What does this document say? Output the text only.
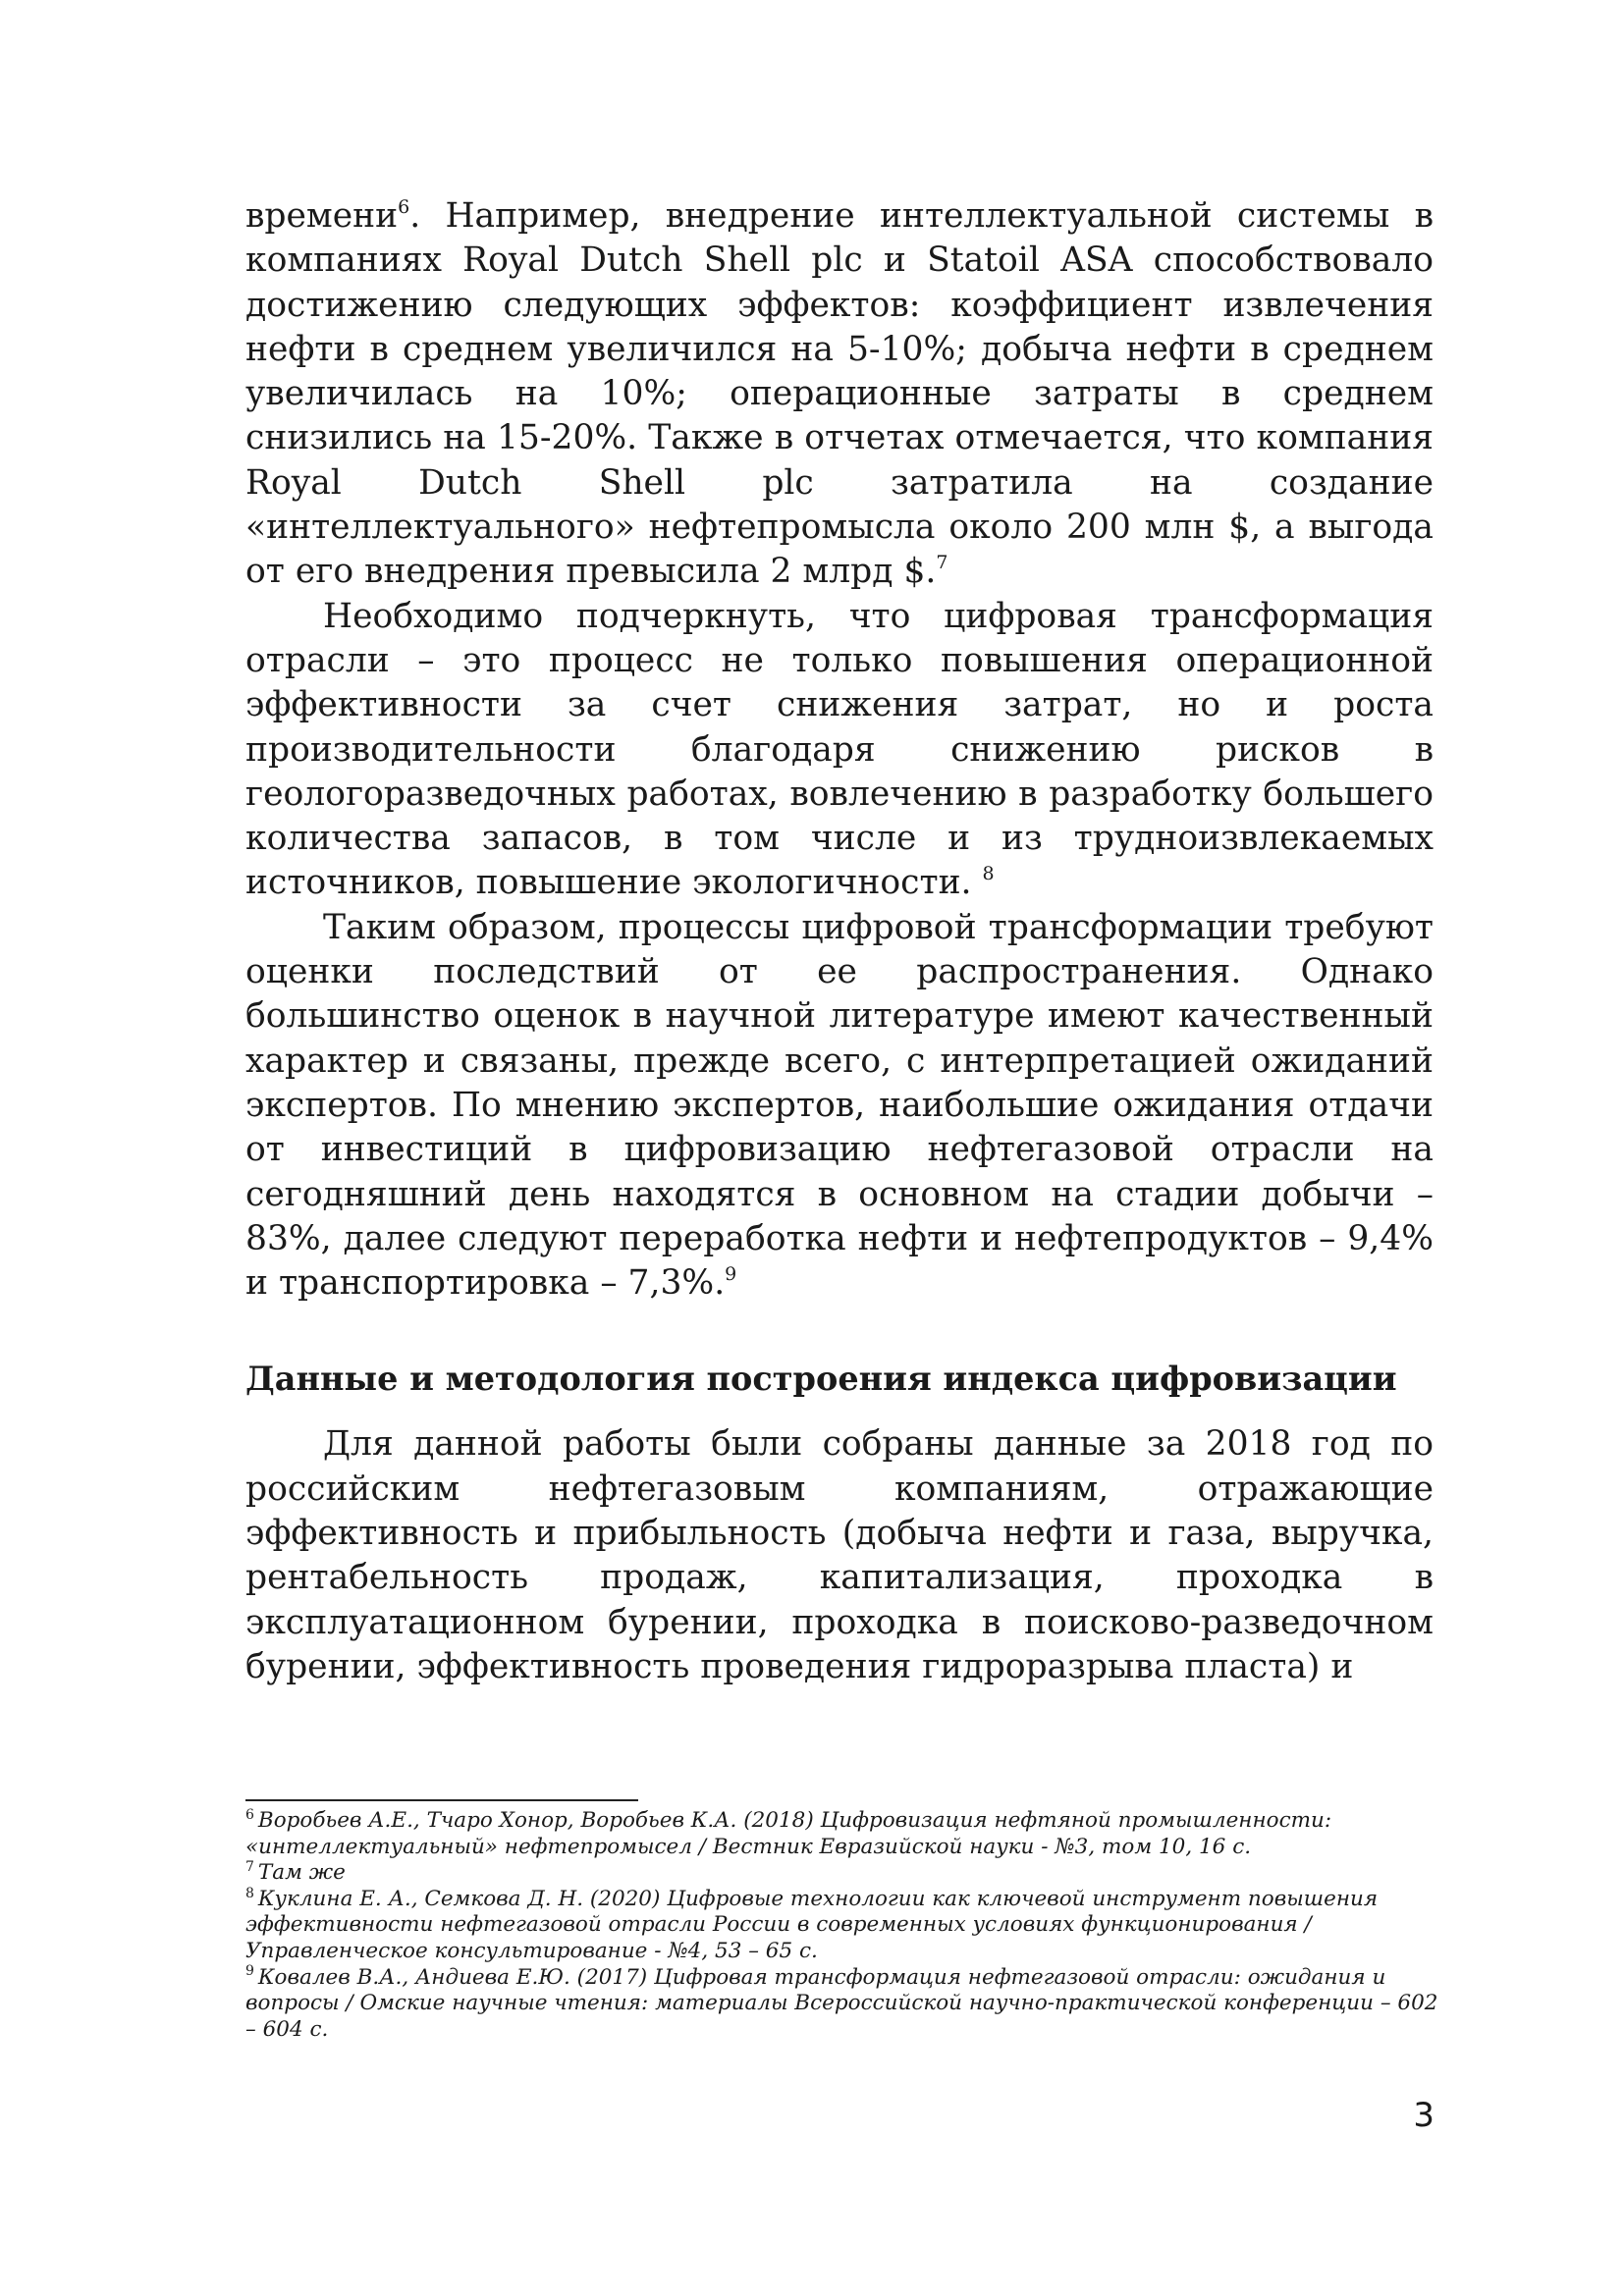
времени$^6$. Например, внедрение интеллектуальной системы в компаниях Royal Dutch Shell plc и Statoil ASA способствовало достижению следующих эффектов: коэффициент извлечения нефти в среднем увеличился на 5-10%; добыча нефти в среднем увеличилась на 10%; операционные затраты в среднем снизились на 15-20%. Также в отчетах отмечается, что компания Royal Dutch Shell plc затратила на создание «интеллектуального» нефтепромысла около 200 млн $, а выгода от его внедрения превысила 2 млрд $.$^7$

Необходимо подчеркнуть, что цифровая трансформация отрасли – это процесс не только повышения операционной эффективности за счет снижения затрат, но и роста производительности благодаря снижению рисков в геологоразведочных работах, вовлечению в разработку большего количества запасов, в том числе и из трудноизвлекаемых источников, повышение экологичности. $^8$

Таким образом, процессы цифровой трансформации требуют оценки последствий от ее распространения. Однако большинство оценок в научной литературе имеют качественный характер и связаны, прежде всего, с интерпретацией ожиданий экспертов. По мнению экспертов, наибольшие ожидания отдачи от инвестиций в цифровизацию нефтегазовой отрасли на сегодняшний день находятся в основном на стадии добычи – 83%, далее следуют переработка нефти и нефтепродуктов – 9,4% и транспортировка – 7,3%.$^9$

Данные и методология построения индекса цифровизации

Для данной работы были собраны данные за 2018 год по российским нефтегазовым компаниям, отражающие эффективность и прибыльность (добыча нефти и газа, выручка, рентабельность продаж, капитализация, проходка в эксплуатационном бурении, проходка в поисково-разведочном бурении, эффективность проведения гидроразрыва пласта) и

$^6$ Воробьев А.Е., Тчаро Хонор, Воробьев К.А. (2018) Цифровизация нефтяной промышленности: «интеллектуальный» нефтепромысел / Вестник Евразийской науки - №3, том 10, 16 с.

$^7$ Там же

$^8$ Куклина Е. А., Семкова Д. Н. (2020) Цифровые технологии как ключевой инструмент повышения эффективности нефтегазовой отрасли России в современных условиях функционирования / Управленческое консультирование - №4, 53 – 65 с.

$^9$ Ковалев В.А., Андиева Е.Ю. (2017) Цифровая трансформация нефтегазовой отрасли: ожидания и вопросы / Омские научные чтения: материалы Всероссийской научно-практической конференции – 602 – 604 с.

3
